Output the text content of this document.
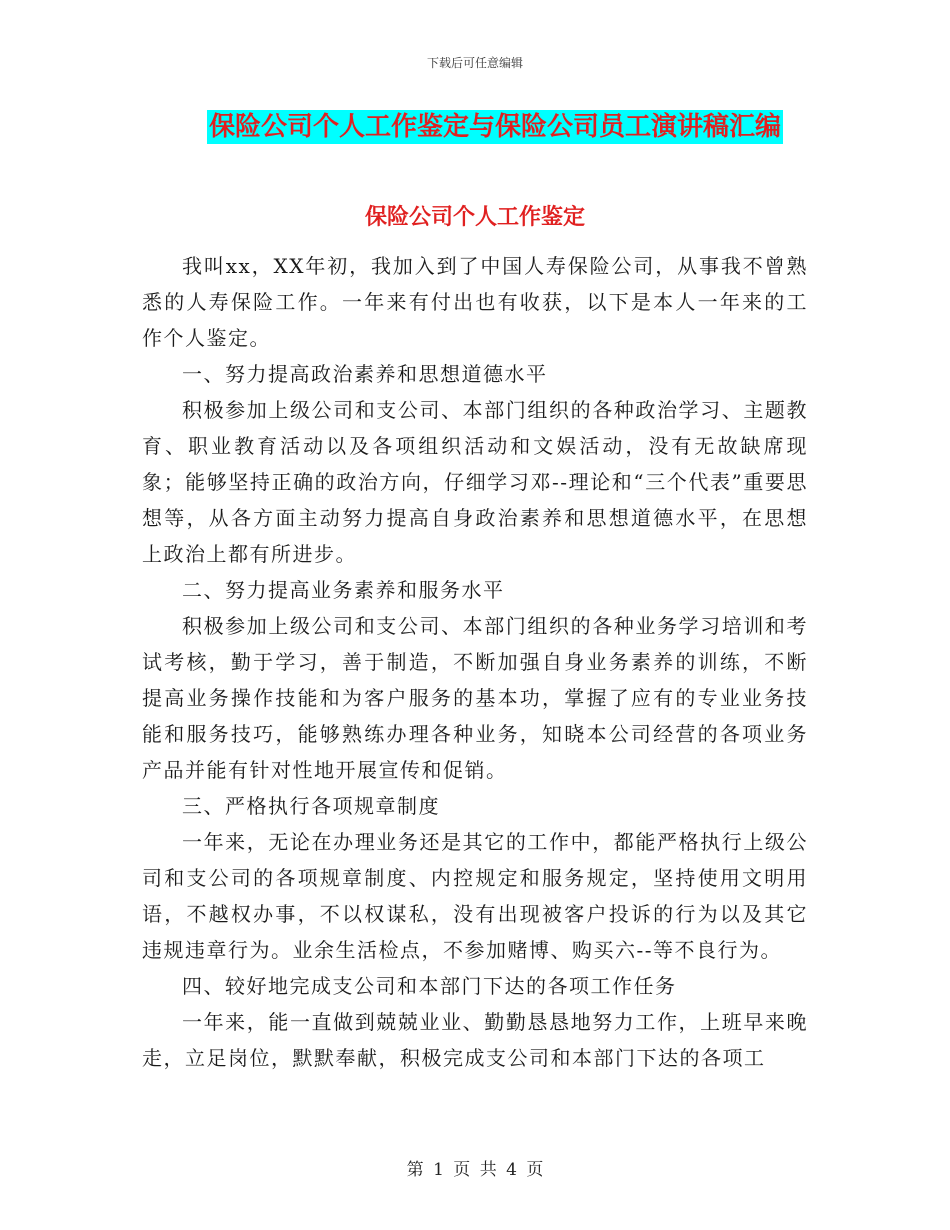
下载后可任意编辑
保险公司个人工作鉴定与保险公司员工演讲稿汇编
保险公司个人工作鉴定

我叫xx，XX年初，我加入到了中国人寿保险公司，从事我不曾熟悉的人寿保险工作。一年来有付出也有收获，以下是本人一年来的工作个人鉴定。

一、努力提高政治素养和思想道德水平

积极参加上级公司和支公司、本部门组织的各种政治学习、主题教育、职业教育活动以及各项组织活动和文娱活动，没有无故缺席现象；能够坚持正确的政治方向，仔细学习邓--理论和“三个代表”重要思想等，从各方面主动努力提高自身政治素养和思想道德水平，在思想上政治上都有所进步。

二、努力提高业务素养和服务水平

积极参加上级公司和支公司、本部门组织的各种业务学习培训和考试考核，勤于学习，善于制造，不断加强自身业务素养的训练，不断提高业务操作技能和为客户服务的基本功，掌握了应有的专业业务技能和服务技巧，能够熟练办理各种业务，知晓本公司经营的各项业务产品并能有针对性地开展宣传和促销。

三、严格执行各项规章制度

一年来，无论在办理业务还是其它的工作中，都能严格执行上级公司和支公司的各项规章制度、内控规定和服务规定，坚持使用文明用语，不越权办事，不以权谋私，没有出现被客户投诉的行为以及其它违规违章行为。业余生活检点，不参加赌博、购买六--等不良行为。

四、较好地完成支公司和本部门下达的各项工作任务

一年来，能一直做到兢兢业业、勤勤恳恳地努力工作，上班早来晚走，立足岗位，默默奉献，积极完成支公司和本部门下达的各项工

第 1 页 共 4 页
